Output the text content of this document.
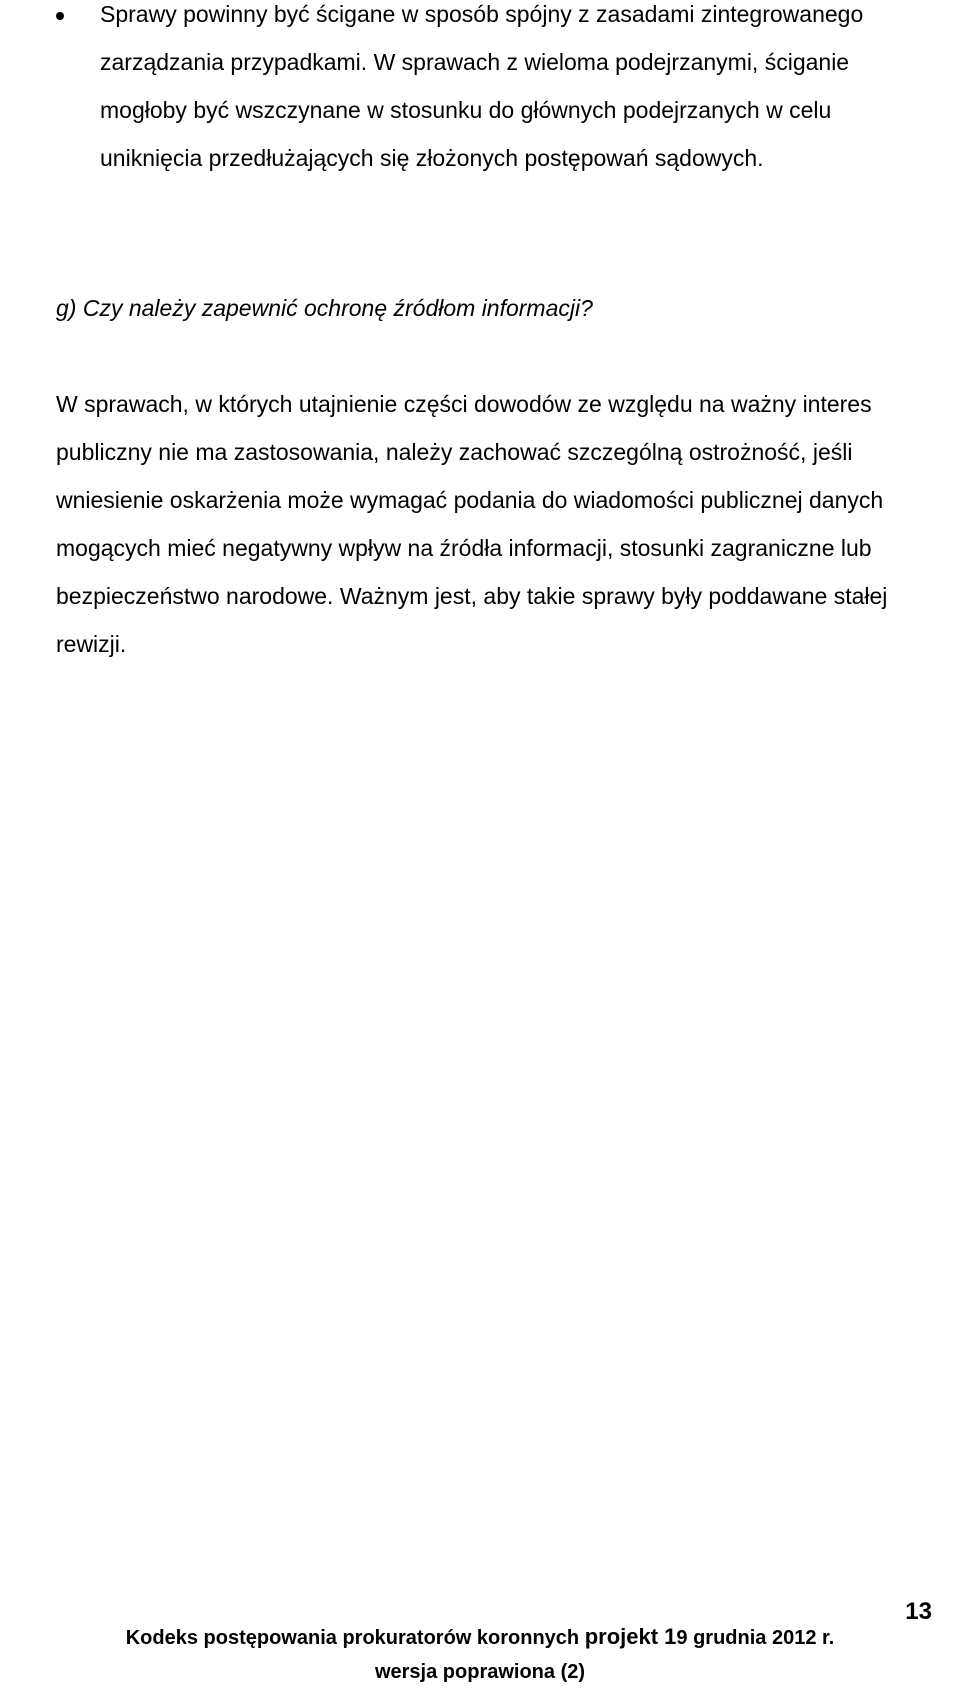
Sprawy powinny być ścigane w sposób spójny z zasadami zintegrowanego zarządzania przypadkami. W sprawach z wieloma podejrzanymi, ściganie mogłoby być wszczynane w stosunku do głównych podejrzanych w celu uniknięcia przedłużających się złożonych postępowań sądowych.
g) Czy należy zapewnić ochronę źródłom informacji?
W sprawach, w których utajnienie części dowodów ze względu na ważny interes publiczny nie ma zastosowania, należy zachować szczególną ostrożność, jeśli wniesienie oskarżenia może wymagać podania do wiadomości publicznej danych mogących mieć negatywny wpływ na źródła informacji, stosunki zagraniczne lub bezpieczeństwo narodowe. Ważnym jest, aby takie sprawy były poddawane stałej rewizji.
13
Kodeks postępowania prokuratorów koronnych projekt 19 grudnia 2012 r.
wersja poprawiona (2)
